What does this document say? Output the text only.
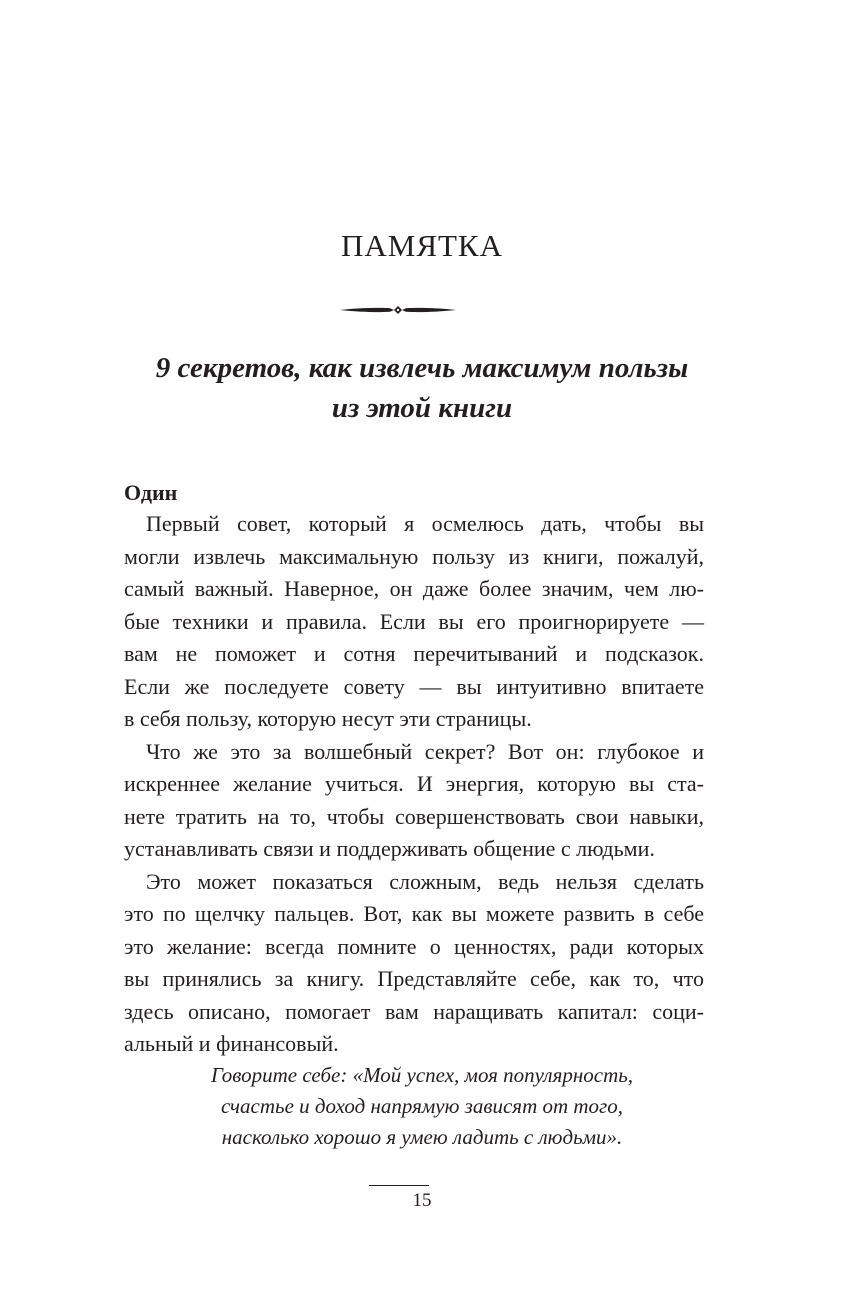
ПАМЯТКА
9 секретов, как извлечь максимум пользы
из этой книги
Один
Первый совет, который я осмелюсь дать, чтобы вы
могли извлечь максимальную пользу из книги, пожалуй,
самый важный. Наверное, он даже более значим, чем лю-
бые техники и правила. Если вы его проигнорируете —
вам не поможет и сотня перечитываний и подсказок.
Если же последуете совету — вы интуитивно впитаете
в себя пользу, которую несут эти страницы.
Что же это за волшебный секрет? Вот он: глубокое и
искреннее желание учиться. И энергия, которую вы ста-
нете тратить на то, чтобы совершенствовать свои навыки,
устанавливать связи и поддерживать общение с людьми.
Это может показаться сложным, ведь нельзя сделать
это по щелчку пальцев. Вот, как вы можете развить в себе
это желание: всегда помните о ценностях, ради которых
вы принялись за книгу. Представляйте себе, как то, что
здесь описано, помогает вам наращивать капитал: соци-
альный и финансовый.
Говорите себе: «Мой успех, моя популярность,
счастье и доход напрямую зависят от того,
насколько хорошо я умею ладить с людьми».
15
